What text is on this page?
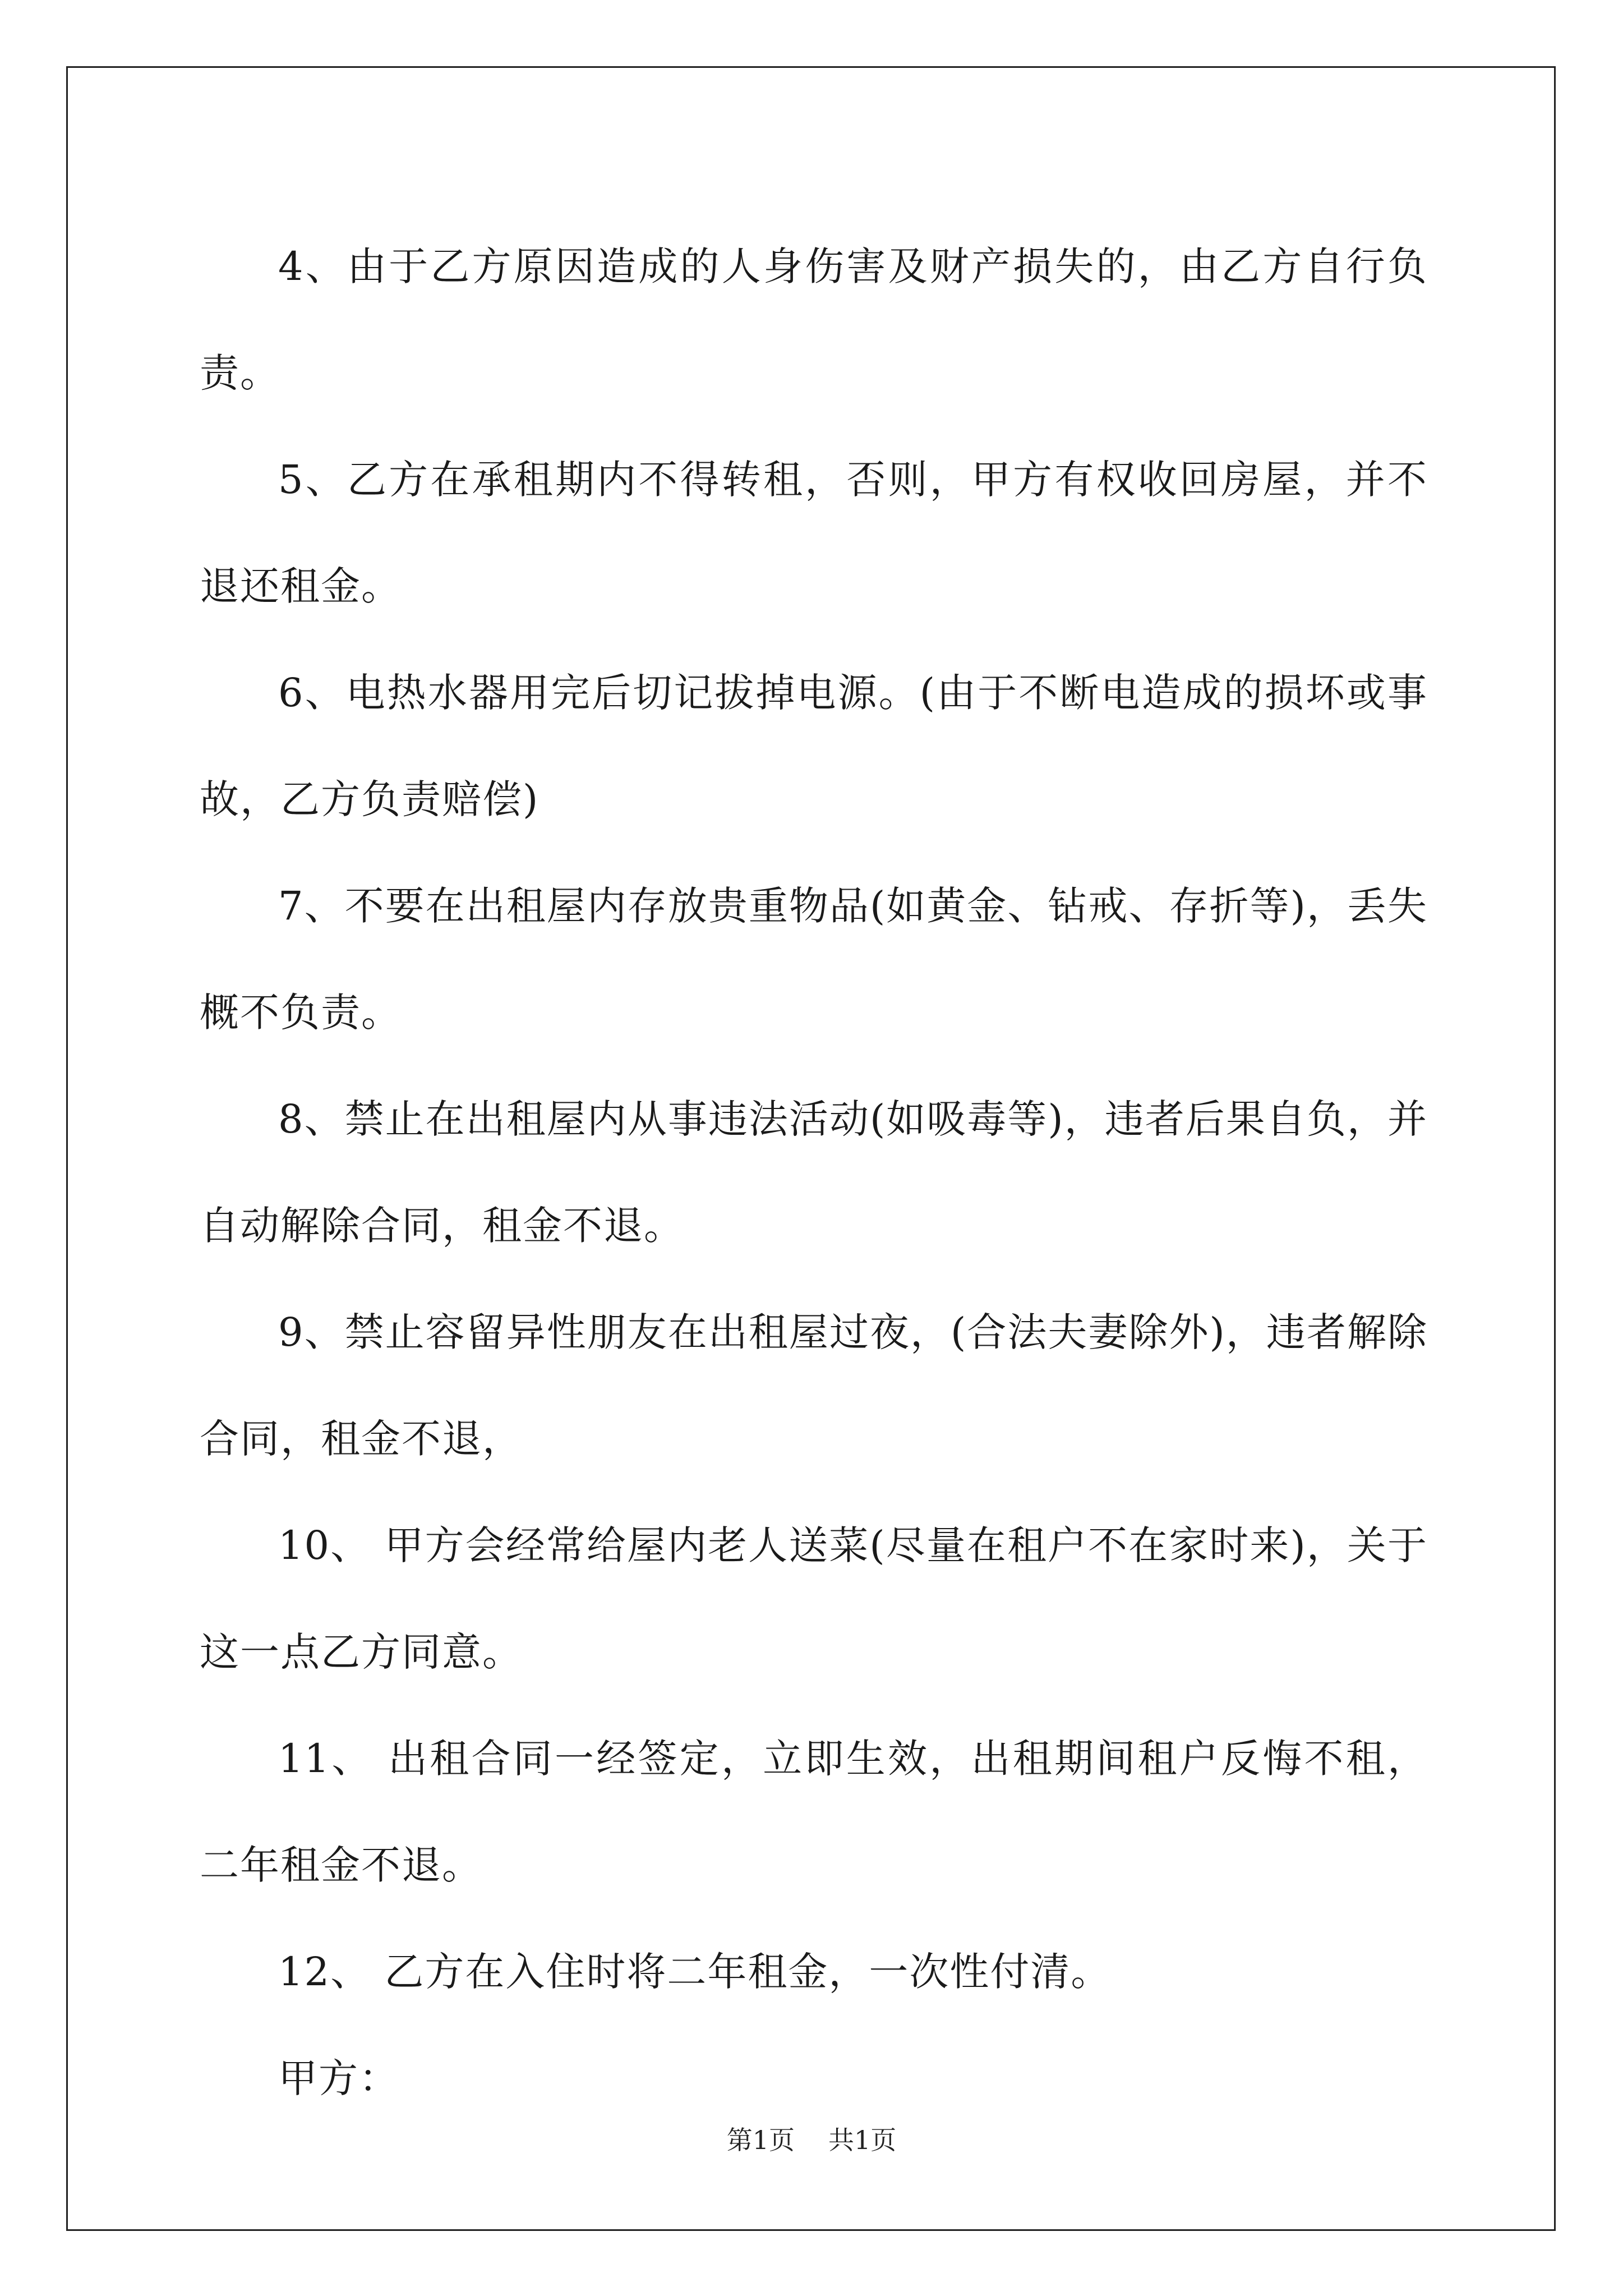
4、由于乙方原因造成的人身伤害及财产损失的，由乙方自行负责。

5、乙方在承租期内不得转租，否则，甲方有权收回房屋，并不退还租金。

6、电热水器用完后切记拔掉电源。(由于不断电造成的损坏或事故，乙方负责赔偿)

7、不要在出租屋内存放贵重物品(如黄金、钻戒、存折等)，丢失概不负责。

8、禁止在出租屋内从事违法活动(如吸毒等)，违者后果自负，并自动解除合同，租金不退。

9、禁止容留异性朋友在出租屋过夜，(合法夫妻除外)，违者解除合同，租金不退，

10、 甲方会经常给屋内老人送菜(尽量在租户不在家时来)，关于这一点乙方同意。

11、 出租合同一经签定，立即生效，出租期间租户反悔不租，二年租金不退。

12、 乙方在入住时将二年租金，一次性付清。

甲方：

第1页 共1页
